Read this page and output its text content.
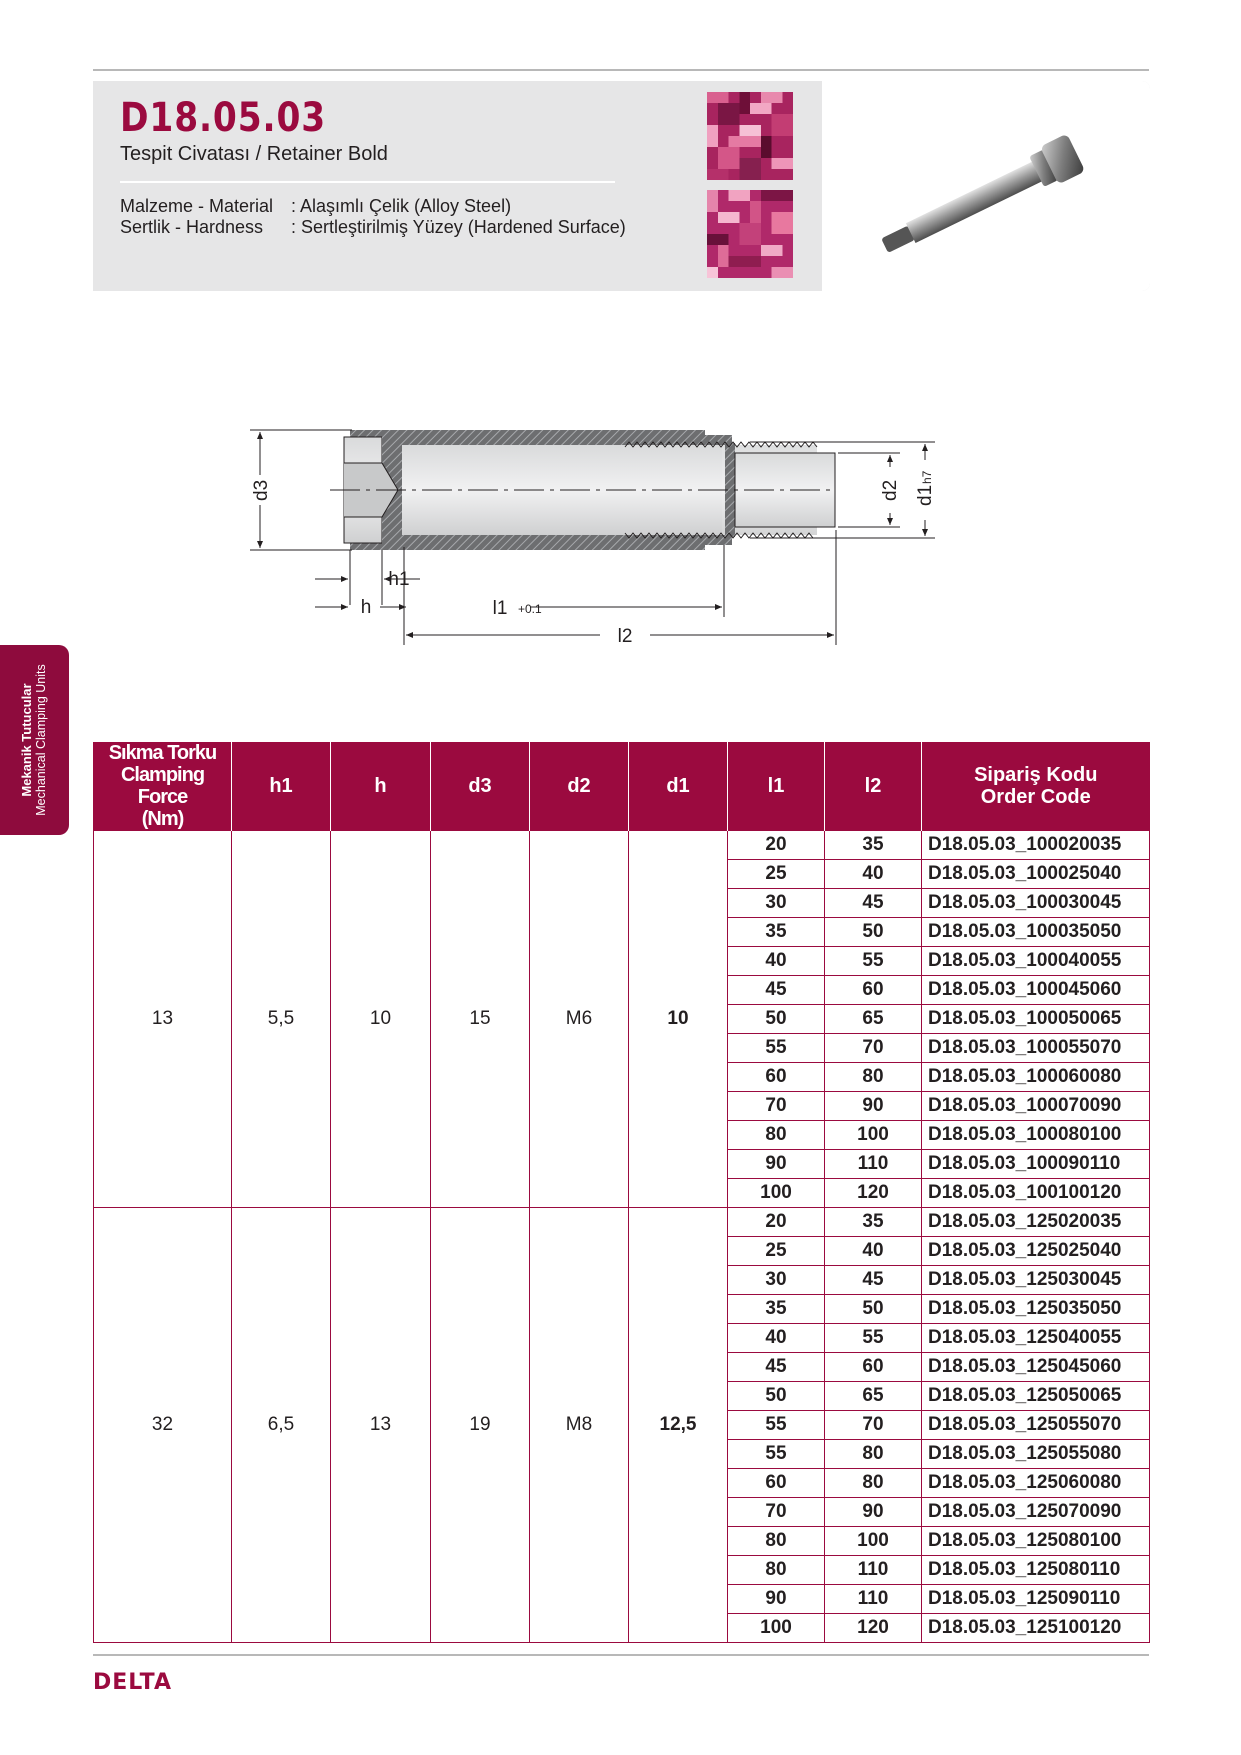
D18.05.03
Tespit Civatası / Retainer Bold
Malzeme - Material : Alaşımlı Çelik (Alloy Steel)
Sertlik - Hardness : Sertleştirilmiş Yüzey (Hardened Surface)
Mekanik Tutucular Mechanical Clamping Units
d3	d2 d1
h7
h1
h	l1 +0.1
l2
Sıkma Torku
Clamping Force
(Nm)	h1	h	d3	d2	d1	l1	l2	Sipariş Kodu
Order Code

13	5,5	10	15	M6	10	20	35	D18.05.03_100020035
						25	40	D18.05.03_100025040
						30	45	D18.05.03_100030045
						35	50	D18.05.03_100035050
						40	55	D18.05.03_100040055
						45	60	D18.05.03_100045060
						50	65	D18.05.03_100050065
						55	70	D18.05.03_100055070
						60	80	D18.05.03_100060080
						70	90	D18.05.03_100070090
						80	100	D18.05.03_100080100
						90	110	D18.05.03_100090110
						100	120	D18.05.03_100100120
32	6,5	13	19	M8	12,5	20	35	D18.05.03_125020035
						25	40	D18.05.03_125025040
						30	45	D18.05.03_125030045
						35	50	D18.05.03_125035050
						40	55	D18.05.03_125040055
						45	60	D18.05.03_125045060
						50	65	D18.05.03_125050065
						55	70	D18.05.03_125055070
						55	80	D18.05.03_125055080
						60	80	D18.05.03_125060080
						70	90	D18.05.03_125070090
						80	100	D18.05.03_125080100
						80	110	D18.05.03_125080110
						90	110	D18.05.03_125090110
						100	120	D18.05.03_125100120
DELTA
